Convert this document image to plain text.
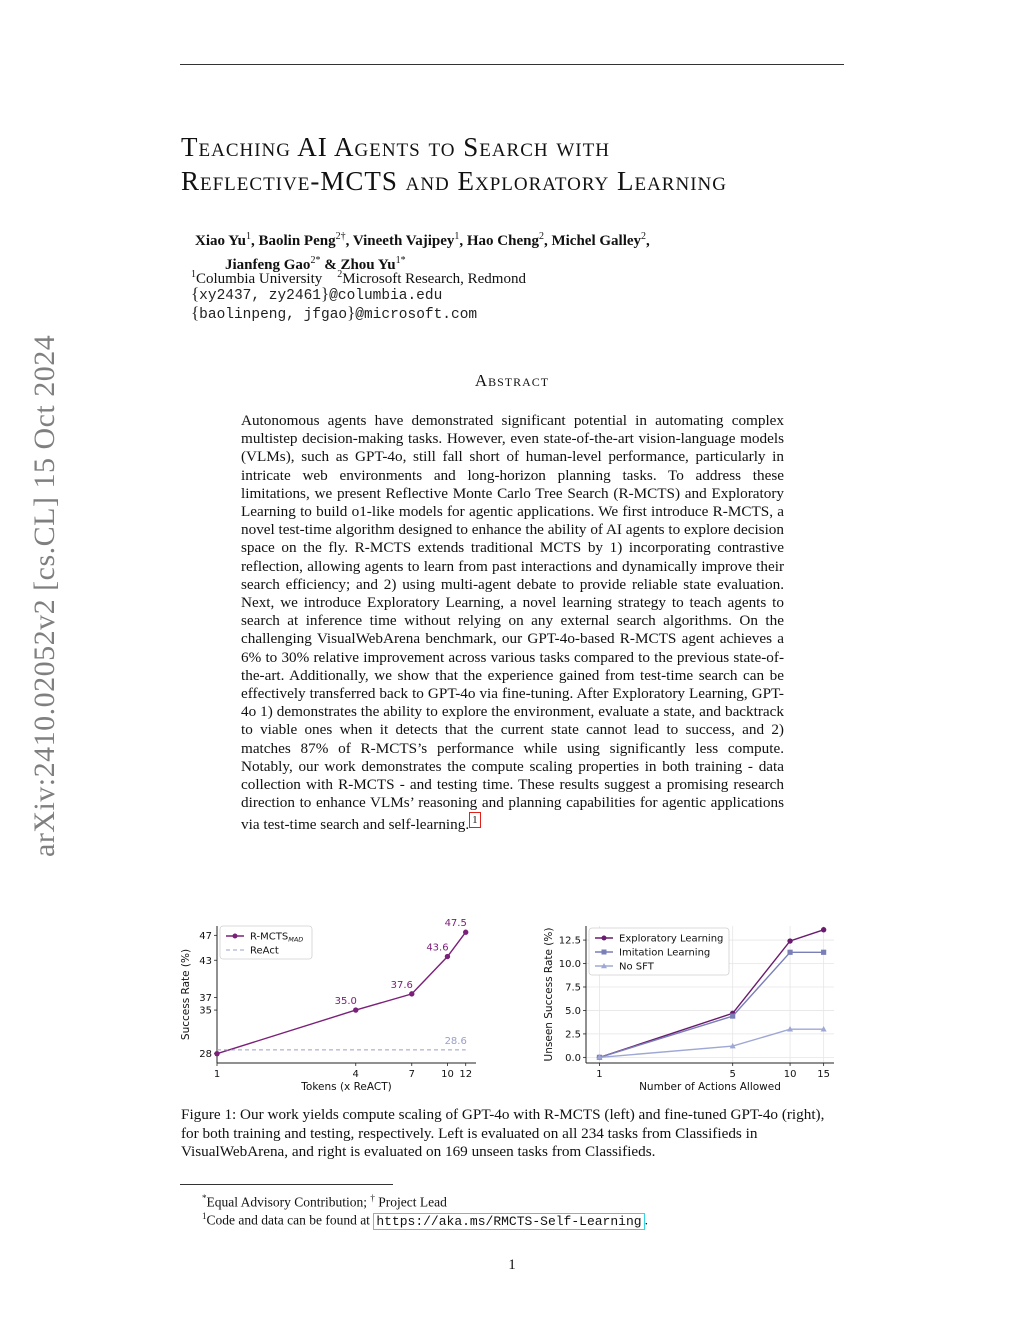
arXiv:2410.02052v2 [cs.CL] 15 Oct 2024
Teaching AI Agents to Search with
Reflective-MCTS and Exploratory Learning
Xiao Yu$^1$, Baolin Peng$^{2\dagger}$, Vineeth Vajipey$^1$, Hao Cheng$^2$, Michel Galley$^2$,
Jianfeng Gao$^{2*}$ & Zhou $Yu^{1*}$
$^1$Columbia University $^2$Microsoft Research, Redmond
{xy2437, zy2461}@columbia.edu
{baolinpeng, jfgao}@microsoft.com
Abstract
Autonomous agents have demonstrated significant potential in automating complex multistep decision-making tasks. However, even state-of-the-art vision-language models (VLMs), such as GPT-4o, still fall short of human-level performance, particularly in intricate web environments and long-horizon planning tasks. To address these limitations, we present Reflective Monte Carlo Tree Search (R-MCTS) and Exploratory Learning to build o1-like models for agentic applications. We first introduce R-MCTS, a novel test-time algorithm designed to enhance the ability of AI agents to explore decision space on the fly. R-MCTS extends traditional MCTS by 1) incorporating contrastive reflection, allowing agents to learn from past interactions and dynamically improve their search efficiency; and 2) using multi-agent debate to provide reliable state evaluation. Next, we introduce Exploratory Learning, a novel learning strategy to teach agents to search at inference time without relying on any external search algorithms. On the challenging VisualWebArena benchmark, our GPT-4o-based R-MCTS agent achieves a 6% to 30% relative improvement across various tasks compared to the previous state-of-the-art. Additionally, we show that the experience gained from test-time search can be effectively transferred back to GPT-4o via fine-tuning. After Exploratory Learning, GPT-4o 1) demonstrates the ability to explore the environment, evaluate a state, and backtrack to viable ones when it detects that the current state cannot lead to success, and 2) matches 87% of R-MCTS’s performance while using significantly less compute. Notably, our work demonstrates the compute scaling properties in both training - data collection with R-MCTS - and testing time. These results suggest a promising research direction to enhance VLMs’ reasoning and planning capabilities for agentic applications via test-time search and self-learning. 1
28
35
37
43
47
1	4	7	10 12
Tokens (x ReACT)
Success Rate (%)	35.0
37.6
43.6
47.5
28.6
$R-MCTS_{MAD}$
ReAct
0.0
2.5
5.0
7.5
10.0
12.5
1	5	10 15
Number of Actions Allowed
Unseen Success Rate (%)	Exploratory Learning
Imitation Learning
No SFT
Figure 1: Our work yields compute scaling of GPT-4o with R-MCTS (left) and fine-tuned GPT-4o (right), for both training and testing, respectively. Left is evaluated on all 234 tasks from Classifieds in VisualWebArena, and right is evaluated on 169 unseen tasks from Classifieds.
*Equal Advisory Contribution; † Project Lead
$^1$Code and data can be found at https://aka.ms/RMCTS-Self-Learning .
1
